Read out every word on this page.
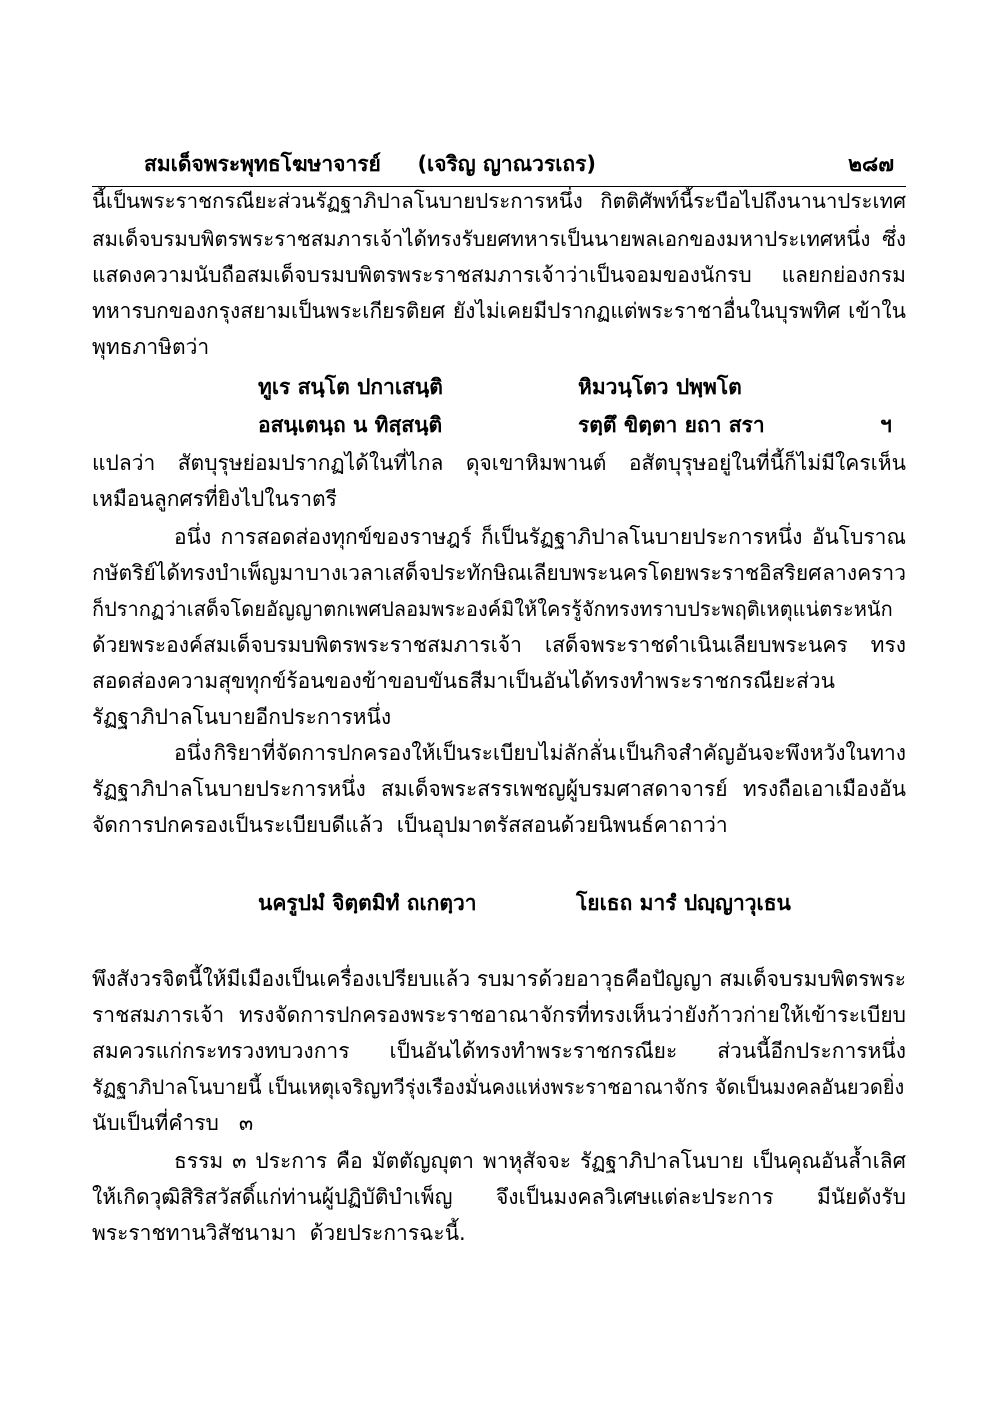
สมเด็จพระพุทธโฆษาจารย์ (เจริญ ญาณวรเถร)	๒๘๗
นี้เป็นพระราชกรณียะส่วนรัฏฐาภิปาลโนบายประการหนึ่ง กิตติศัพท์นี้ระบือไปถึงนานาประเทศ
สมเด็จบรมบพิตรพระราชสมภารเจ้าได้ทรงรับยศทหารเป็นนายพลเอกของมหาประเทศหนึ่ง ซึ่ง
แสดงความนับถือสมเด็จบรมบพิตรพระราชสมภารเจ้าว่าเป็นจอมของนักรบ แลยกย่องกรม
ทหารบกของกรุงสยามเป็นพระเกียรติยศ ยังไม่เคยมีปรากฏแต่พระราชาอื่นในบุรพทิศ เข้าใน
พุทธภาษิตว่า
ทูเร สนฺโต ปกาเสนฺติ	หิมวนฺโตว ปพฺพโต
อสนฺเตนฺถ น ทิสฺสนฺติ	รตฺตึ ขิตฺตา ยถา สรา	ฯ
แปลว่า สัตบุรุษย่อมปรากฏได้ในที่ไกล ดุจเขาหิมพานต์ อสัตบุรุษอยู่ในที่นี้ก็ไม่มีใครเห็น
เหมือนลูกศรที่ยิงไปในราตรี
อนึ่ง การสอดส่องทุกข์ของราษฎร์ ก็เป็นรัฏฐาภิปาลโนบายประการหนึ่ง อันโบราณ
กษัตริย์ได้ทรงบำเพ็ญมา บางเวลาเสด็จประทักษิณเลียบพระนครโดยพระราชอิสริยศ ลางคราว
ก็ปรากฏว่าเสด็จโดยอัญญาตกเพศปลอมพระองค์มิให้ใครรู้จักทรงทราบประพฤติเหตุแน่ตระหนัก
ด้วยพระองค์สมเด็จบรมบพิตรพระราชสมภารเจ้า เสด็จพระราชดำเนินเลียบพระนคร ทรง
สอดส่องความสุขทุกข์ร้อนของข้าขอบขันธสีมาเป็นอันได้ทรงทำพระราชกรณียะส่วน
รัฏฐาภิปาลโนบายอีกประการหนึ่ง
อนึ่ง กิริยาที่จัดการปกครองให้เป็นระเบียบไม่ลักลั่น เป็นกิจสำคัญอันจะพึงหวังในทาง
รัฏฐาภิปาลโนบายประการหนึ่ง สมเด็จพระสรรเพชญผู้บรมศาสดาจารย์ ทรงถือเอาเมืองอัน
จัดการปกครองเป็นระเบียบดีแล้ว  เป็นอุปมาตรัสสอนด้วยนิพนธ์คาถาว่า
นครูปมํ จิตฺตมิทํ ถเกตฺวา	โยเธถ มารํ ปญฺญาวุเธน
พึงสังวรจิตนี้ให้มีเมืองเป็นเครื่องเปรียบแล้ว รบมารด้วยอาวุธคือปัญญา สมเด็จบรมบพิตรพระ
ราชสมภารเจ้า ทรงจัดการปกครองพระราชอาณาจักรที่ทรงเห็นว่ายังก้าวก่ายให้เข้าระเบียบ
สมควรแก่กระทรวงทบวงการ เป็นอันได้ทรงทำพระราชกรณียะ ส่วนนี้อีกประการหนึ่ง
รัฏฐาภิปาลโนบายนี้ เป็นเหตุเจริญทวีรุ่งเรืองมั่นคงแห่งพระราชอาณาจักร จัดเป็นมงคลอันยวดยิ่ง
นับเป็นที่คำรบ   ๓
ธรรม ๓ ประการ คือ มัตตัญญุตา พาหุสัจจะ รัฏฐาภิปาลโนบาย เป็นคุณอันล้ำเลิศ
ให้เกิดวุฒิสิริสวัสดิ์แก่ท่านผู้ปฏิบัติบำเพ็ญ จึงเป็นมงคลวิเศษแต่ละประการ มีนัยดังรับ
พระราชทานวิสัชนามา  ด้วยประการฉะนี้.
